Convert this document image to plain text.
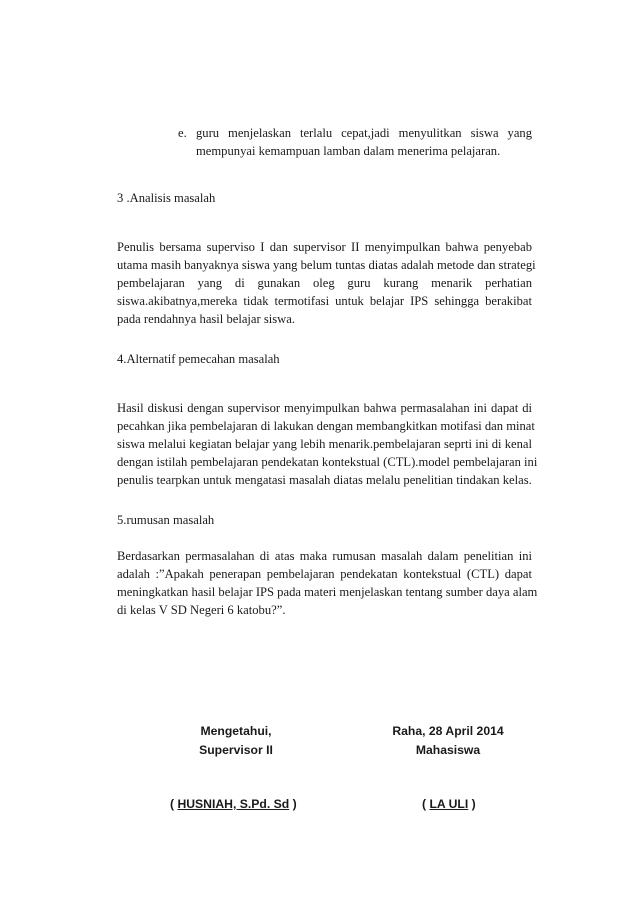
e. guru menjelaskan terlalu cepat,jadi menyulitkan siswa yang
mempunyai kemampuan lamban dalam menerima pelajaran.
3 .Analisis masalah
Penulis bersama superviso I dan supervisor II menyimpulkan bahwa penyebab
utama masih banyaknya siswa yang belum tuntas diatas adalah metode dan strategi
pembelajaran yang di gunakan oleg guru kurang menarik perhatian
siswa.akibatnya,mereka tidak termotifasi untuk belajar IPS sehingga berakibat
pada rendahnya hasil belajar siswa.
4.Alternatif pemecahan masalah
Hasil diskusi dengan supervisor menyimpulkan bahwa permasalahan ini dapat di
pecahkan jika pembelajaran di lakukan dengan membangkitkan motifasi dan minat
siswa melalui kegiatan belajar yang lebih menarik.pembelajaran seprti ini di kenal
dengan istilah pembelajaran pendekatan kontekstual (CTL).model pembelajaran ini
penulis tearpkan untuk mengatasi masalah diatas melalu penelitian tindakan kelas.
5.rumusan masalah
Berdasarkan permasalahan di atas maka rumusan masalah dalam penelitian ini
adalah :”Apakah penerapan pembelajaran pendekatan kontekstual (CTL) dapat
meningkatkan hasil belajar IPS pada materi menjelaskan tentang sumber daya alam
di kelas V SD Negeri 6 katobu?”.
Mengetahui,
Supervisor II
Raha, 28 April 2014
Mahasiswa
( HUSNIAH, S.Pd. Sd )	( LA ULI )
